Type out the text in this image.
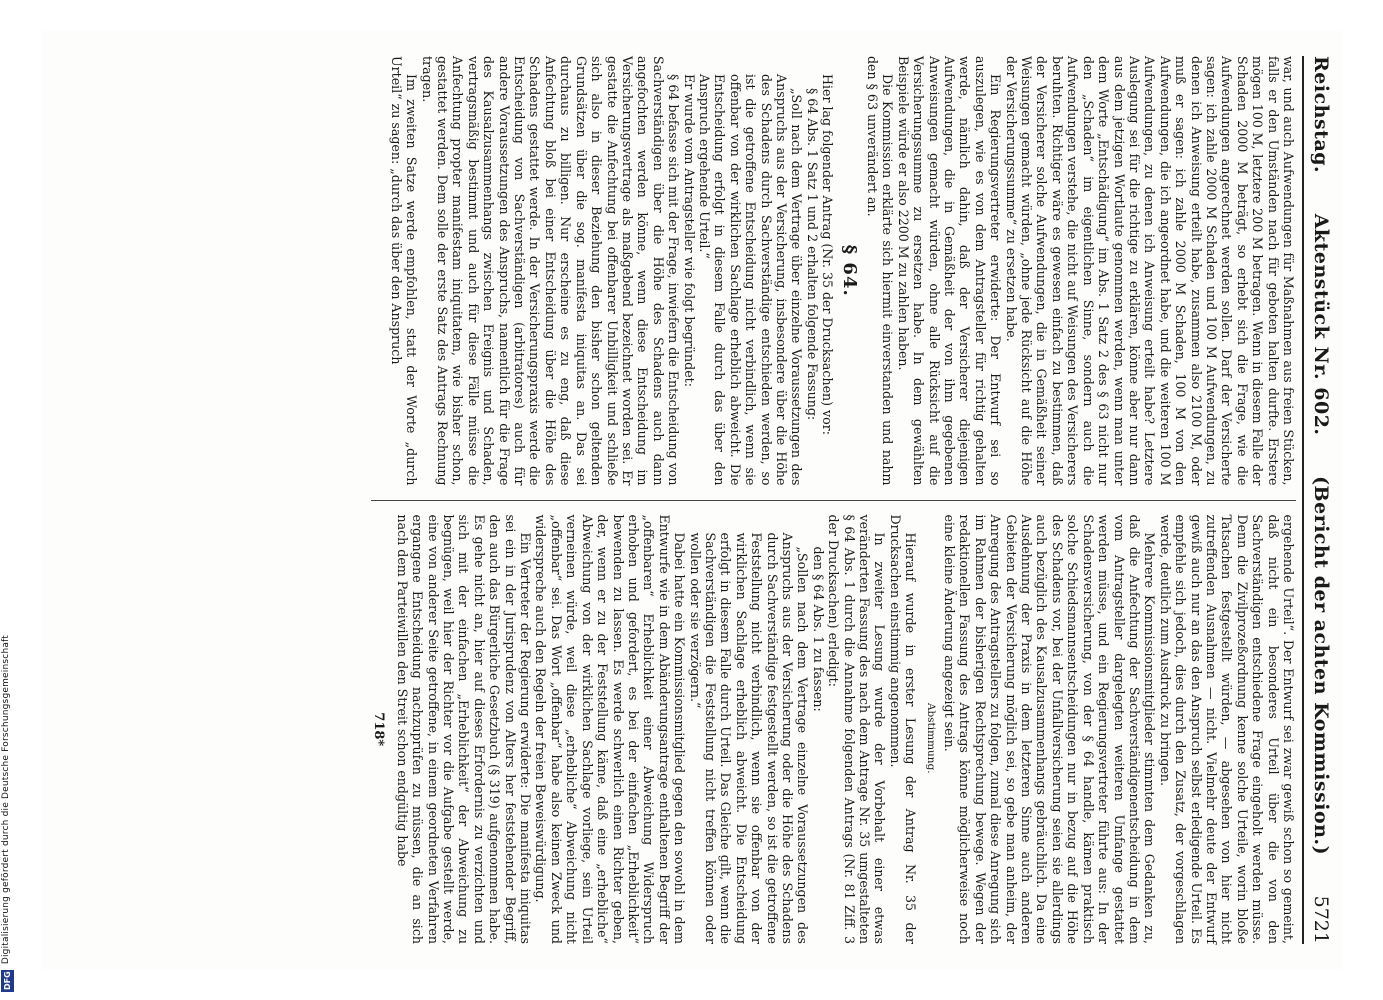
DFG
Digitalisierung gefördert durch die Deutsche Forschungsgemeinschaft
Reichstag.
Aktenstück Nr. 602.
(Bericht der achten Kommission.)
5721

war, und auch Aufwendungen für Maßnahmen aus freien Stücken, falls er den Umständen nach für geboten halten durfte. Erstere mögen 100 M, letztere 200 M betragen. Wenn in diesem Falle der Schaden 2000 M beträgt, so erhebt sich die Frage, wie die Aufwendungen angerechnet werden sollen. Darf der Versicherte sagen: ich zahle 2000 M Schaden und 100 M Aufwendungen, zu denen ich Anweisung erteilt habe, zusammen also 2100 M, oder muß er sagen: ich zahle 2000 M Schaden, 100 M von den Aufwendungen, die ich angeordnet habe, und die weiteren 100 M Aufwendungen, zu denen ich Anweisung erteilt habe? Letztere Auslegung sei für die richtige zu erklären, könne aber nur dann aus dem jetzigen Wortlaute genommen werden, wenn man unter dem Worte „Entschädigung“ im Abs. 1 Satz 2 des § 63 nicht nur den „Schaden“ im eigentlichen Sinne, sondern auch die Aufwendungen verstehe, die nicht auf Weisungen des Versicherers beruhten. Richtiger wäre es gewesen einfach zu bestimmen, daß der Versicherer solche Aufwendungen, die in Gemäßheit seiner Weisungen gemacht würden, „ohne jede Rücksicht auf die Höhe der Versicherungssumme“ zu ersetzen habe.

Ein Regierungsvertreter erwiderte: Der Entwurf sei so auszulegen, wie es von dem Antragsteller für richtig gehalten werde, nämlich dahin, daß der Versicherer diejenigen Aufwendungen, die in Gemäßheit der von ihm gegebenen Anweisungen gemacht würden, ohne alle Rücksicht auf die Versicherungssumme zu ersetzen habe. In dem gewählten Beispiele würde er also 2200 M zu zahlen haben.

Die Kommission erklärte sich hiermit einverstanden und nahm den § 63 unverändert an.

§ 64.

Hier lag folgender Antrag (Nr. 35 der Drucksachen) vor:

§ 64 Abs. 1 Satz 1 und 2 erhalten folgende Fassung:

„Soll nach dem Vertrage über einzelne Voraussetzungen des Anspruchs aus der Versicherung, insbesondere über die Höhe des Schadens durch Sachverständige entschieden werden, so ist die getroffene Entscheidung nicht verbindlich, wenn sie offenbar von der wirklichen Sachlage erheblich abweicht. Die Entscheidung erfolgt in diesem Falle durch das über den Anspruch ergehende Urteil.“

Er wurde vom Antragsteller wie folgt begründet:

§ 64 befasse sich mit der Frage, inwiefern die Entscheidung von Sachverständigen über die Höhe des Schadens auch dann angefochten werden könne, wenn diese Entscheidung im Versicherungsvertrage als maßgebend bezeichnet worden sei. Er gestatte die Anfechtung bei offenbarer Unbilligkeit und schließe sich also in dieser Beziehung den bisher schon geltenden Grundsätzen über die sog. manifesta iniquitas an. Das sei durchaus zu billigen. Nur erscheine es zu eng, daß diese Anfechtung bloß bei einer Entscheidung über die Höhe des Schadens gestattet werde. In der Versicherungspraxis werde die Entscheidung von Sachverständigen (arbitratores) auch für andere Voraussetzungen des Anspruchs, namentlich für die Frage des Kausalzusammenhangs zwischen Ereignis und Schaden, vertragsmäßig bestimmt und auch für diese Fälle müsse die Anfechtung propter manifestam iniquitatem, wie bisher schon, gestattet werden. Dem solle der erste Satz des Antrags Rechnung tragen.

Im zweiten Satze werde empfohlen, statt der Worte „durch Urteil“ zu sagen: „durch das über den Anspruch

ergehende Urteil“. Der Entwurf sei zwar gewiß schon so gemeint, daß nicht ein besonderes Urteil über die von den Sachverständigen entschiedene Frage eingeholt werden müsse. Denn die Zivilprozeßordnung kenne solche Urteile, worin bloße Tatsachen festgestellt würden, — abgesehen von hier nicht zutreffenden Ausnahmen — nicht. Vielmehr deute der Entwurf gewiß auch nur an das den Anspruch selbst erledigende Urteil. Es empfehle sich jedoch, dies durch den Zusatz, der vorgeschlagen werde, deutlich zum Ausdruck zu bringen.

Mehrere Kommissionsmitglieder stimmten dem Gedanken zu, daß die Anfechtung der Sachverständigenentscheidung in dem vom Antragsteller dargelegten weiteren Umfange gestattet werden müsse, und ein Regierungsvertreter führte aus: In der Schadensversicherung, von der § 64 handle, kämen praktisch solche Schiedsmannsentscheidungen nur in bezug auf die Höhe des Schadens vor, bei der Unfallversicherung seien sie allerdings auch bezüglich des Kausalzusammenhangs gebräuchlich. Da eine Ausdehnung der Praxis in dem letzteren Sinne auch anderen Gebieten der Versicherung möglich sei, so gebe man anheim, der Anregung des Antragstellers zu folgen, zumal diese Anregung sich im Rahmen der bisherigen Rechtsprechung bewege. Wegen der redaktionellen Fassung des Antrags könne möglicherweise noch eine kleine Änderung angezeigt sein.

Abstimmung.

Hierauf wurde in erster Lesung der Antrag Nr. 35 der Drucksachen einstimmig angenommen.

In zweiter Lesung wurde der Vorbehalt einer etwas veränderten Fassung des nach dem Antrage Nr. 35 umgestalteten § 64 Abs. 1 durch die Annahme folgenden Antrags (Nr. 81 Ziff. 3 der Drucksachen) erledigt:

den § 64 Abs. 1 zu fassen:

„Sollen nach dem Vertrage einzelne Voraussetzungen des Anspruchs aus der Versicherung oder die Höhe des Schadens durch Sachverständige festgestellt werden, so ist die getroffene Feststellung nicht verbindlich, wenn sie offenbar von der wirklichen Sachlage erheblich abweicht. Die Entscheidung erfolgt in diesem Falle durch Urteil. Das Gleiche gilt, wenn die Sachverständigen die Feststellung nicht treffen können oder wollen oder sie verzögern.“

Dabei hatte ein Kommissionsmitglied gegen den sowohl in dem Entwurfe wie in dem Abänderungsantrage enthaltenen Begriff der „offenbaren“ Erheblichkeit einer Abweichung Widerspruch erhoben und gefordert, es bei der einfachen „Erheblichkeit“ bewenden zu lassen. Es werde schwerlich einen Richter geben, der, wenn er zu der Feststellung käme, daß eine „erhebliche“ Abweichung von der wirklichen Sachlage vorliege, sein Urteil verneinen würde, weil diese „erhebliche“ Abweichung nicht „offenbar“ sei. Das Wort „offenbar“ habe also keinen Zweck und widerspreche auch den Regeln der freien Beweiswürdigung.

Ein Vertreter der Regierung erwiderte: Die manifesta iniquitas sei ein in der Jurisprudenz von Alters her feststehender Begriff, den auch das Bürgerliche Gesetzbuch (§ 319) aufgenommen habe. Es gehe nicht an, hier auf dieses Erfordernis zu verzichten und sich mit der einfachen „Erheblichkeit“ der Abweichung zu begnügen, weil hier der Richter vor die Aufgabe gestellt werde, eine von anderer Seite getroffene, in einem geordneten Verfahren ergangene Entscheidung nachzuprüfen zu müssen, die an sich nach dem Parteiwillen den Streit schon endgültig habe

718*
